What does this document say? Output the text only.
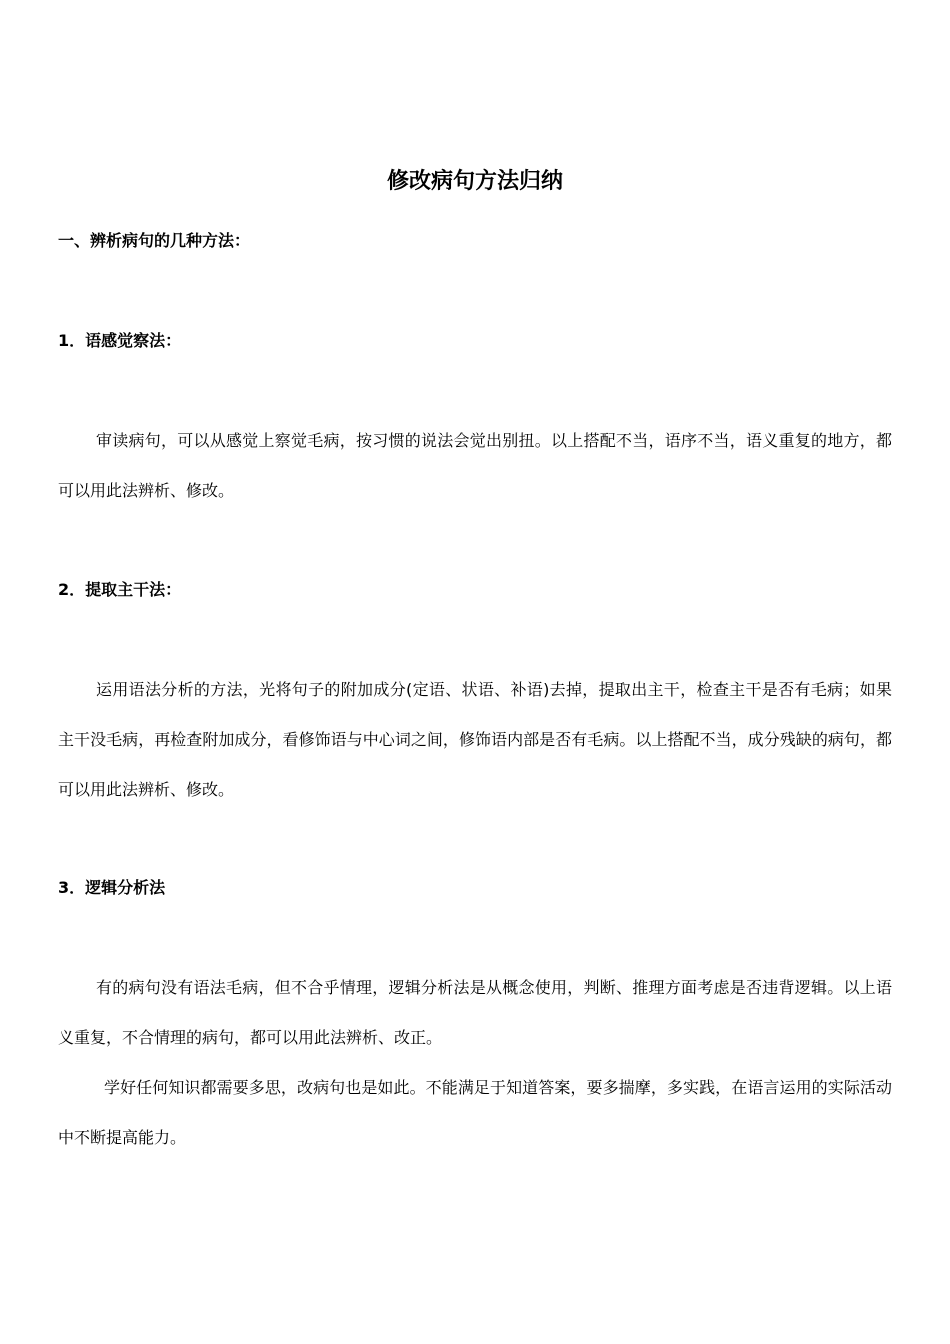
修改病句方法归纳
一、辨析病句的几种方法：
1．语感觉察法：

审读病句，可以从感觉上察觉毛病，按习惯的说法会觉出别扭。以上搭配不当，语序不当，语义重复的地方，都可以用此法辨析、修改。

2．提取主干法：

运用语法分析的方法，光将句子的附加成分(定语、状语、补语)去掉，提取出主干，检查主干是否有毛病；如果主干没毛病，再检查附加成分，看修饰语与中心词之间，修饰语内部是否有毛病。以上搭配不当，成分残缺的病句，都可以用此法辨析、修改。

3．逻辑分析法

有的病句没有语法毛病，但不合乎情理，逻辑分析法是从概念使用，判断、推理方面考虑是否违背逻辑。以上语义重复，不合情理的病句，都可以用此法辨析、改正。

学好任何知识都需要多思，改病句也是如此。不能满足于知道答案，要多揣摩，多实践，在语言运用的实际活动中不断提高能力。
